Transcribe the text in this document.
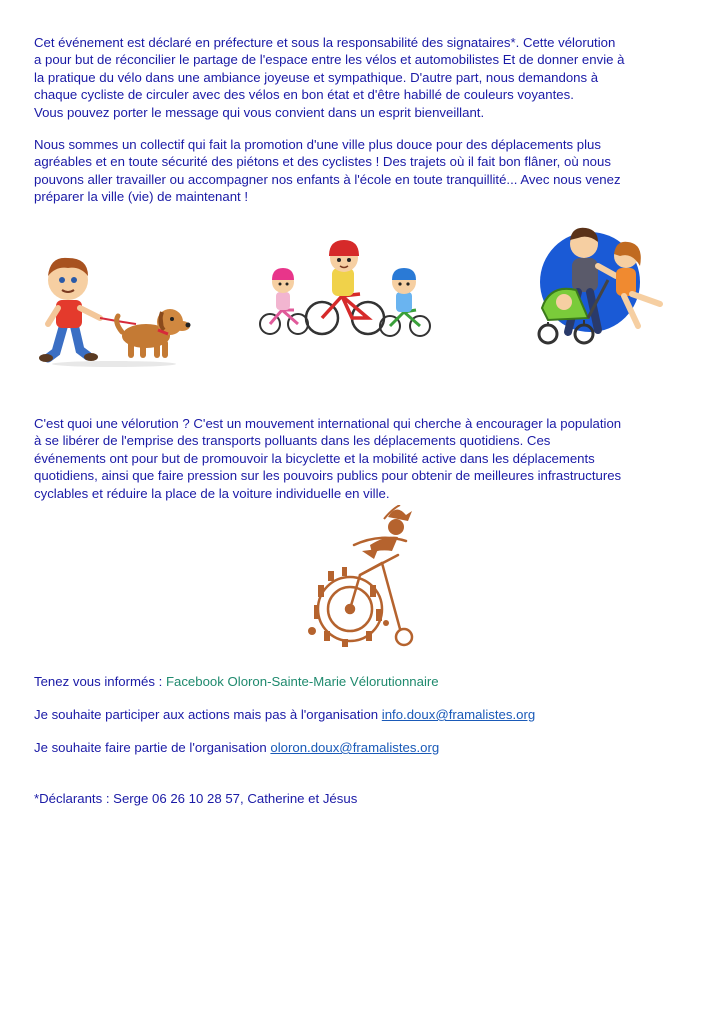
Cet événement est déclaré en préfecture et sous la responsabilité des signataires*. Cette vélorution
a pour but de réconcilier le partage de l'espace entre les vélos et automobilistes Et de donner envie à
la pratique du vélo dans une ambiance joyeuse et sympathique. D'autre part, nous demandons à
chaque cycliste de circuler avec des vélos en bon état et d'être habillé de couleurs voyantes.
Vous pouvez porter le message qui vous convient dans un esprit bienveillant.

Nous sommes un collectif qui fait la promotion d'une ville plus douce pour des déplacements plus
agréables et en toute sécurité des piétons et des cyclistes ! Des trajets où il fait bon flâner, où nous
pouvons aller travailler ou accompagner nos enfants à l'école en toute tranquillité... Avec nous venez
préparer la ville (vie) de maintenant !

C'est quoi une vélorution ? C'est un mouvement international qui cherche à encourager la population
à se libérer de l'emprise des transports polluants dans les déplacements quotidiens. Ces
événements ont pour but de promouvoir la bicyclette et la mobilité active dans les déplacements
quotidiens, ainsi que faire pression sur les pouvoirs publics pour obtenir de meilleures infrastructures
cyclables et réduire la place de la voiture individuelle en ville.

Tenez vous informés : Facebook Oloron-Sainte-Marie Vélorutionnaire
Je souhaite participer aux actions mais pas à l'organisation info.doux@framalistes.org
Je souhaite faire partie de l'organisation oloron.doux@framalistes.org
*Déclarants : Serge 06 26 10 28 57, Catherine et Jésus
